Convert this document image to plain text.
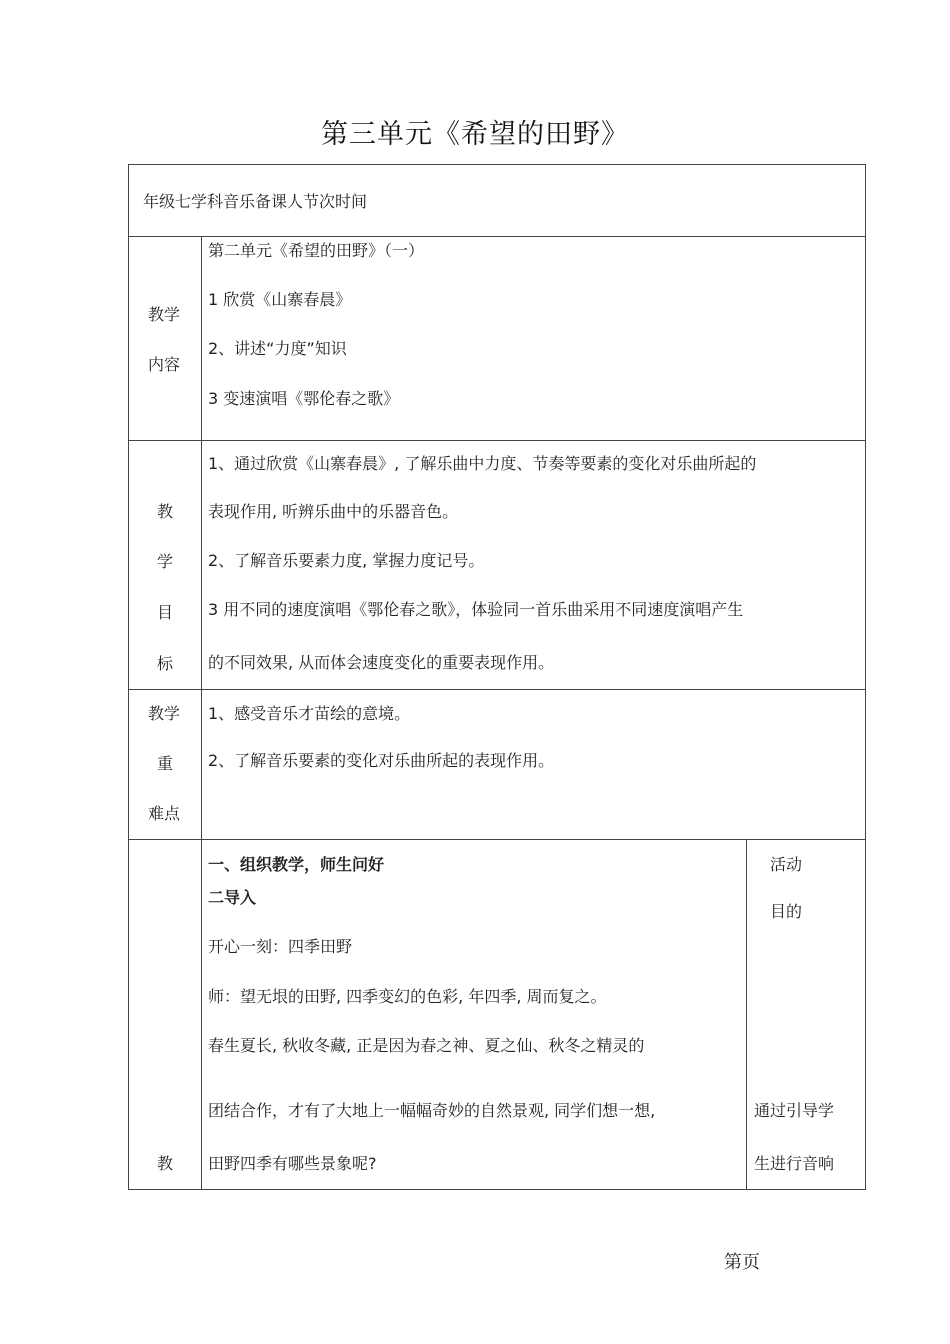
第三单元《希望的田野》
年级七学科音乐备课人节次时间
教学
内容
第二单元《希望的田野》（一）
1 欣赏《山寨春晨》
2、讲述“力度”知识
3 变速演唱《鄂伦春之歌》
教
学
目
标
1、通过欣赏《山寨春晨》, 了解乐曲中力度、节奏等要素的变化对乐曲所起的
表现作用, 听辨乐曲中的乐器音色。
2、了解音乐要素力度, 掌握力度记号。
3 用不同的速度演唱《鄂伦春之歌》，体验同一首乐曲采用不同速度演唱产生
的不同效果, 从而体会速度变化的重要表现作用。
教学
重
难点
1、感受音乐才苗绘的意境。
2、了解音乐要素的变化对乐曲所起的表现作用。
教
一、组织教学，师生问好
二导入
开心一刻：四季田野
师：望无垠的田野, 四季变幻的色彩, 年四季, 周而复之。
春生夏长, 秋收冬藏, 正是因为春之神、夏之仙、秋冬之精灵的
团结合作，才有了大地上一幅幅奇妙的自然景观, 同学们想一想,
田野四季有哪些景象呢?
活动
目的
通过引导学
生进行音响
第页
